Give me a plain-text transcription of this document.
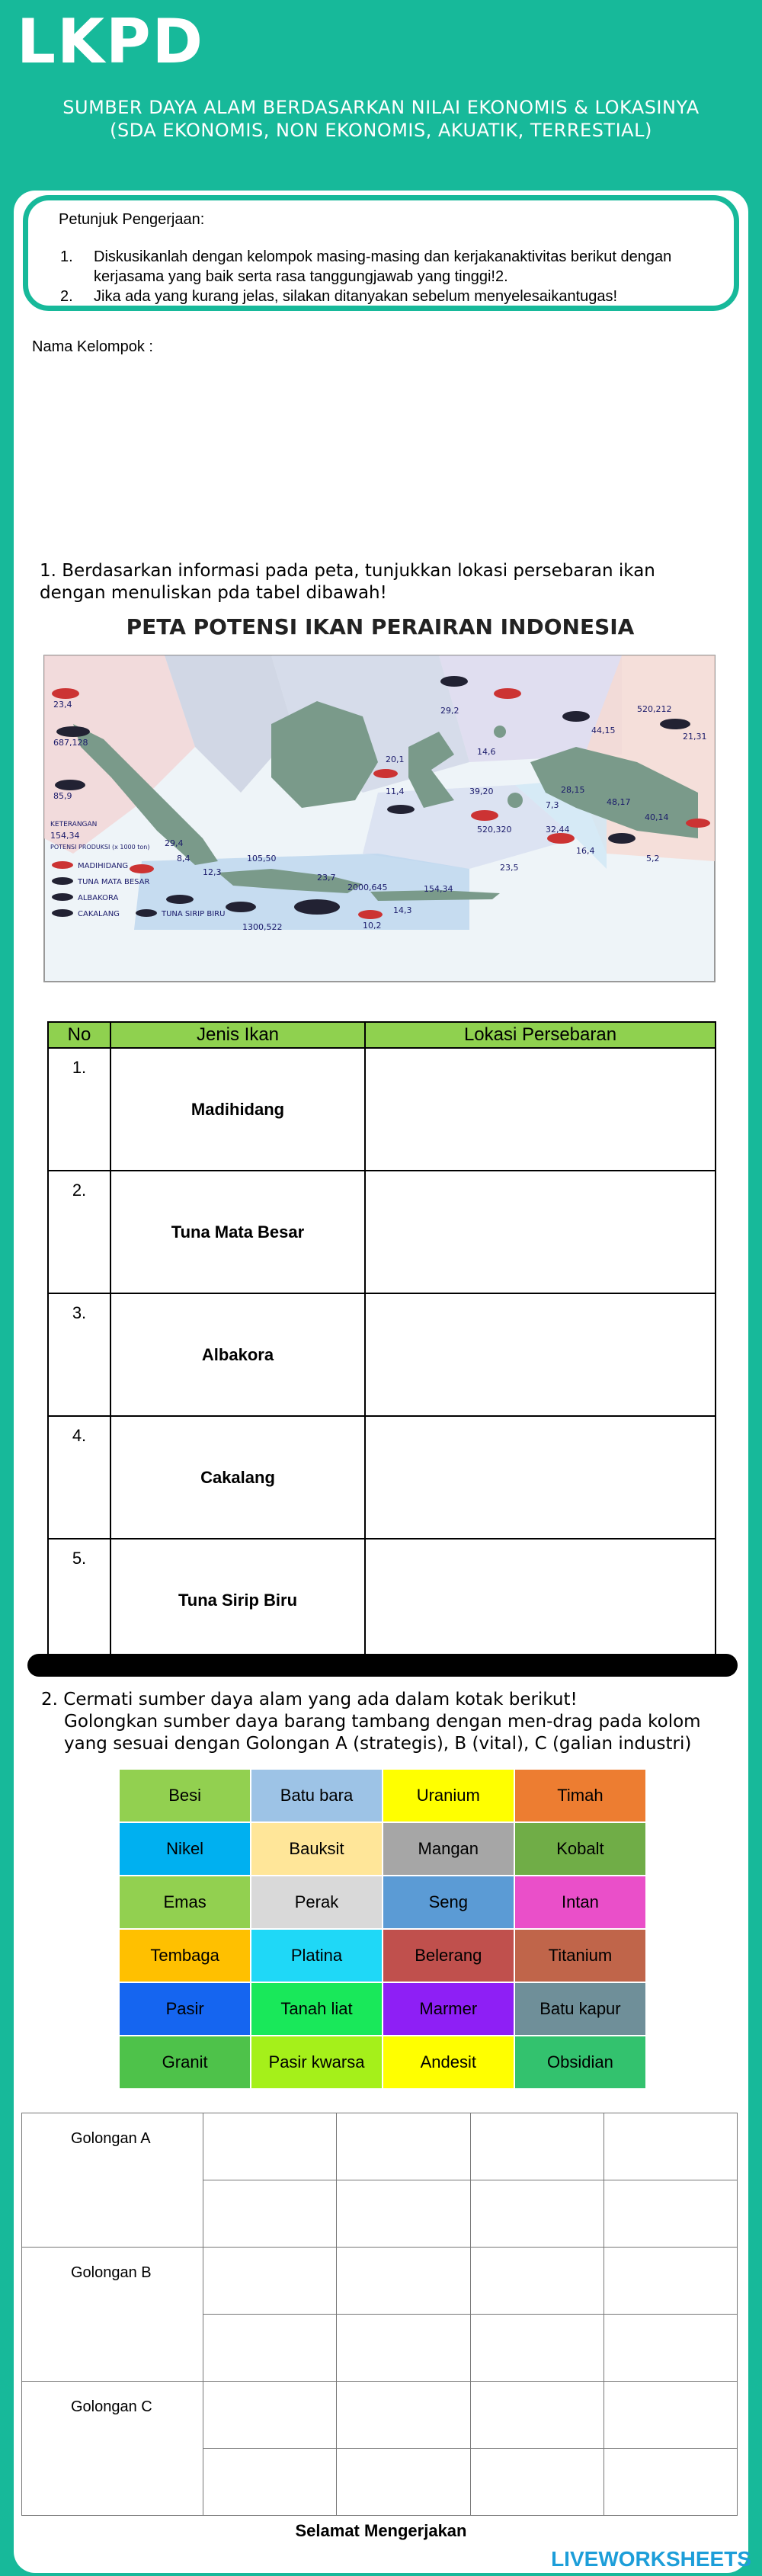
LKPD
SUMBER DAYA ALAM BERDASARKAN NILAI EKONOMIS & LOKASINYA
(SDA EKONOMIS, NON EKONOMIS, AKUATIK, TERRESTIAL)
Petunjuk Pengerjaan:
1. Diskusikanlah dengan kelompok masing-masing dan kerjakanaktivitas berikut dengan kerjasama yang baik serta rasa tanggungjawab yang tinggi!2.
2. Jika ada yang kurang jelas, silakan ditanyakan sebelum menyelesaikantugas!
Nama Kelompok :
1. Berdasarkan informasi pada peta, tunjukkan lokasi persebaran ikan dengan menuliskan pda tabel dibawah!
PETA POTENSI IKAN PERAIRAN INDONESIA
23,4
687,128
85,9
29,4
8,4
12,3
105,50
23,7
1300,522	10,2
2000,645	154,34
14,3
11,4
20,1
14,6
39,20
29,2	520,212
21,31
520,320
28,15
7,3
32,44
48,17
40,14
23,5
5,2
44,15
16,4
KETERANGAN
154,34
POTENSI PRODUKSI (x 1000 ton)
MADIHIDANG
TUNA MATA BESAR
ALBAKORA
CAKALANG	TUNA SIRIP BIRU
No	Jenis Ikan	Lokasi Persebaran
1.	Madihidang	
2.	Tuna Mata Besar	
3.	Albakora	
4.	Cakalang	
5.	Tuna Sirip Biru	
2. Cermati sumber daya alam yang ada dalam kotak berikut!
Golongkan sumber daya barang tambang dengan men-drag pada kolom
yang sesuai dengan Golongan A (strategis), B (vital), C (galian industri)
Besi	Batu bara	Uranium	Timah
Nikel	Bauksit	Mangan	Kobalt
Emas	Perak	Seng	Intan
Tembaga	Platina	Belerang	Titanium
Pasir	Tanah liat	Marmer	Batu kapur
Granit	Pasir kwarsa	Andesit	Obsidian
Golongan A				

Golongan B				

Golongan C				

Selamat Mengerjakan
LIVEWORKSHEETS
